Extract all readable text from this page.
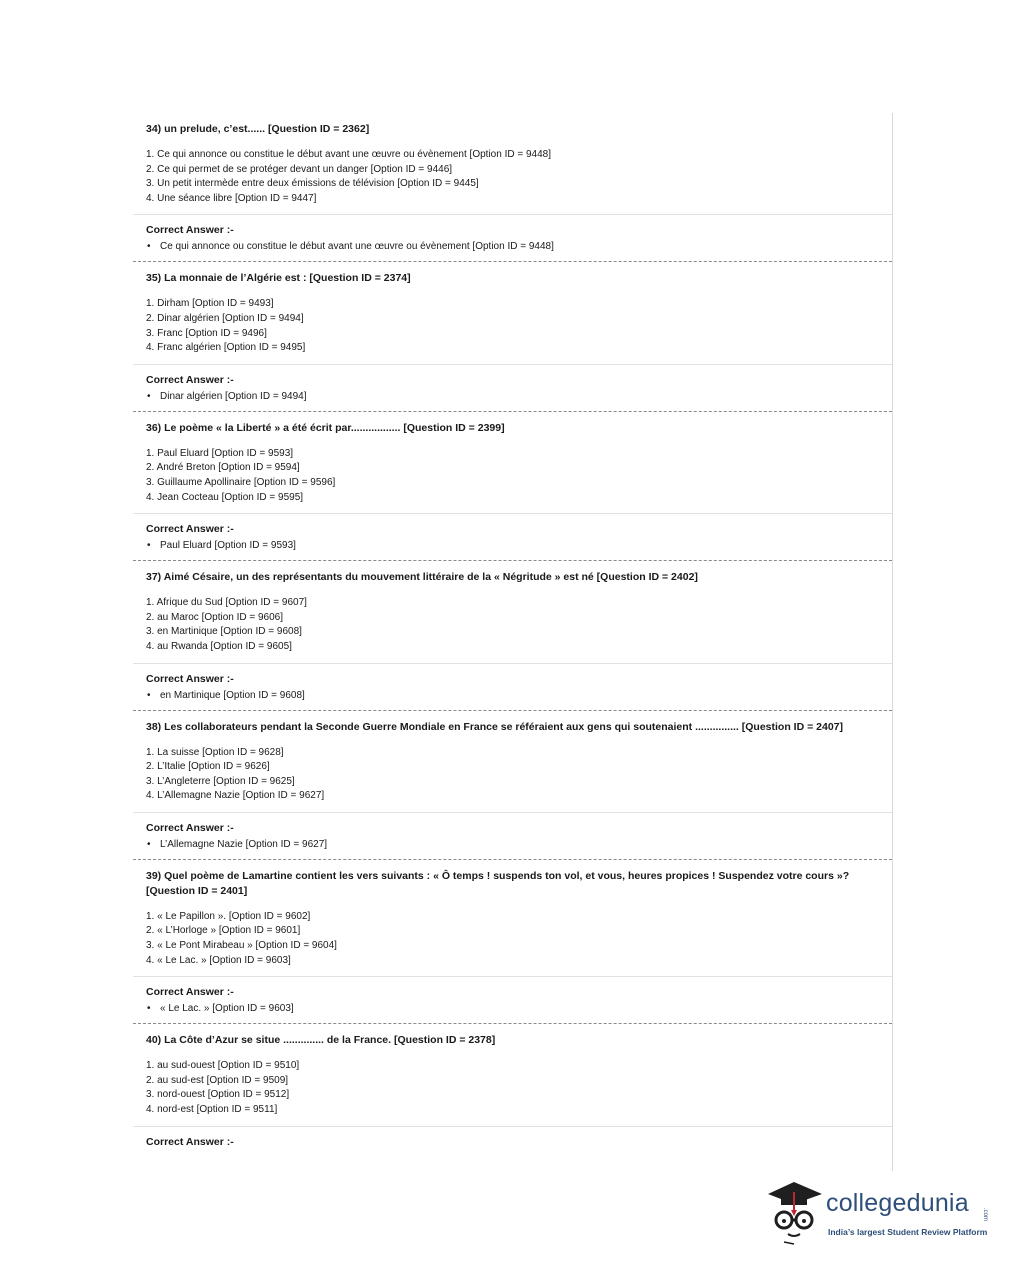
34) un prelude, c’est...... [Question ID = 2362]
1. Ce qui annonce ou constitue le début avant une œuvre ou évènement [Option ID = 9448]
2. Ce qui permet de se protéger devant un danger [Option ID = 9446]
3. Un petit intermède entre deux émissions de télévision [Option ID = 9445]
4. Une séance libre [Option ID = 9447]
Correct Answer :-
• Ce qui annonce ou constitue le début avant une œuvre ou évènement [Option ID = 9448]
35) La monnaie de l’Algérie est : [Question ID = 2374]
1. Dirham [Option ID = 9493]
2. Dinar algérien [Option ID = 9494]
3. Franc [Option ID = 9496]
4. Franc algérien [Option ID = 9495]
Correct Answer :-
• Dinar algérien [Option ID = 9494]
36) Le poème « la Liberté » a été écrit par................. [Question ID = 2399]
1. Paul Eluard [Option ID = 9593]
2. André Breton [Option ID = 9594]
3. Guillaume Apollinaire [Option ID = 9596]
4. Jean Cocteau [Option ID = 9595]
Correct Answer :-
• Paul Eluard [Option ID = 9593]
37) Aimé Césaire, un des représentants du mouvement littéraire de la « Négritude » est né [Question ID = 2402]
1. Afrique du Sud [Option ID = 9607]
2. au Maroc [Option ID = 9606]
3. en Martinique [Option ID = 9608]
4. au Rwanda [Option ID = 9605]
Correct Answer :-
• en Martinique [Option ID = 9608]
38) Les collaborateurs pendant la Seconde Guerre Mondiale en France se référaient aux gens qui soutenaient ............... [Question ID = 2407]
1. La suisse [Option ID = 9628]
2. L’Italie [Option ID = 9626]
3. L’Angleterre [Option ID = 9625]
4. L’Allemagne Nazie [Option ID = 9627]
Correct Answer :-
• L’Allemagne Nazie [Option ID = 9627]
39) Quel poème de Lamartine contient les vers suivants : « Ô temps ! suspends ton vol, et vous, heures propices ! Suspendez votre cours »? [Question ID = 2401]
1. « Le Papillon ». [Option ID = 9602]
2. « L’Horloge » [Option ID = 9601]
3. « Le Pont Mirabeau » [Option ID = 9604]
4. « Le Lac. » [Option ID = 9603]
Correct Answer :-
• « Le Lac. » [Option ID = 9603]
40) La Côte d’Azur se situe .............. de la France. [Question ID = 2378]
1. au sud-ouest [Option ID = 9510]
2. au sud-est [Option ID = 9509]
3. nord-ouest [Option ID = 9512]
4. nord-est [Option ID = 9511]
Correct Answer :-
collegedunia .com
India’s largest Student Review Platform
